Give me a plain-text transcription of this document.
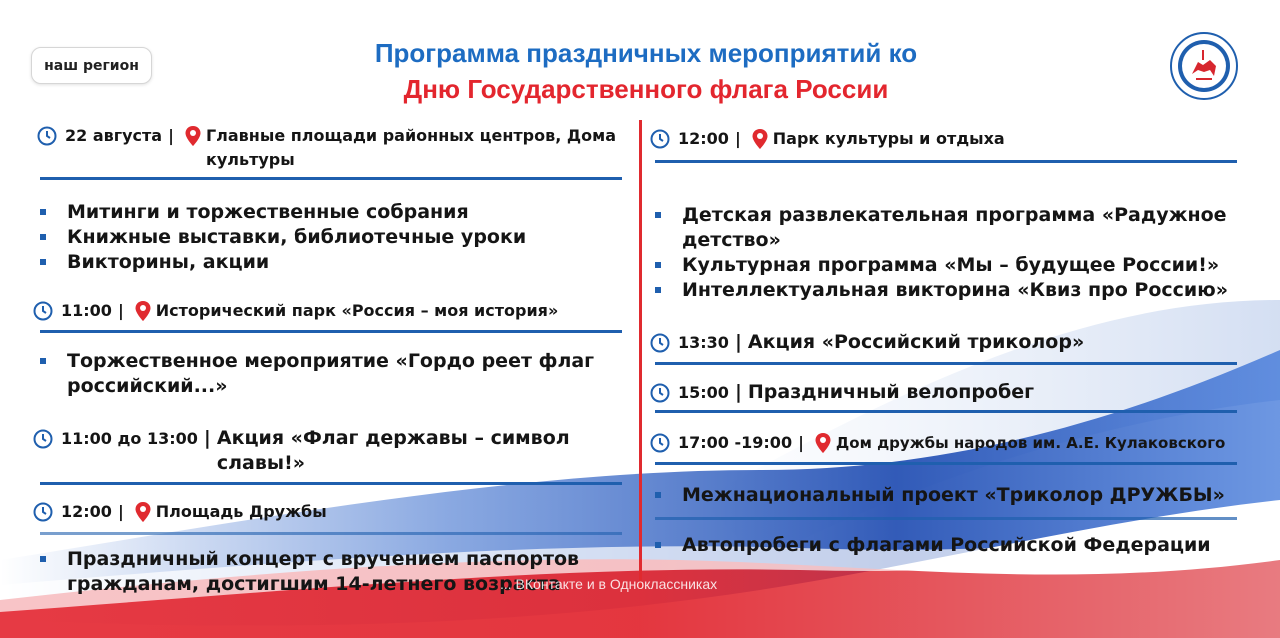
наш регион	Программа праздничных мероприятий ко
Дню Государственного флага России
22 августа | Главные площади районных центров, Дома культуры
Митинги и торжественные собрания
Книжные выставки, библиотечные уроки
Викторины, акции
11:00 | Исторический парк «Россия – моя история»
Торжественное мероприятие «Гордо реет флаг российский...»
11:00 до 13:00 | Акция «Флаг державы – символ славы!»
12:00 | Площадь Дружбы
Праздничный концерт с вручением паспортов гражданам, достигшим 14-летнего возраста
12:00 | Парк культуры и отдыха
Детская развлекательная программа «Радужное детство»
Культурная программа «Мы – будущее России!»
Интеллектуальная викторина «Квиз про Россию»
13:30 | Акция «Российский триколор»
15:00 | Праздничный велопробег
17:00 -19:00 | Дом дружбы народов им. А.Е. Кулаковского
Межнациональный проект «Триколор ДРУЖБЫ»
Автопробеги с флагами Российской Федерации
... ВКонтакте и в Одноклассниках
